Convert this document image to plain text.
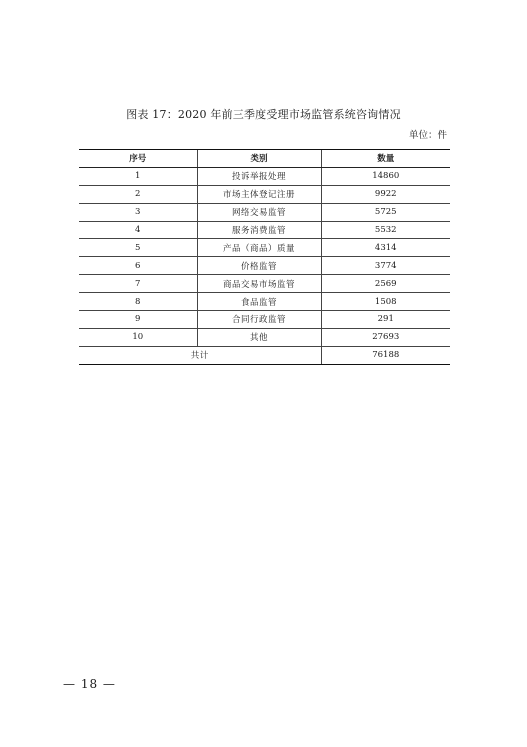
图表 17：2020 年前三季度受理市场监管系统咨询情况
单位：件
序号	类别	数量
1	投诉举报处理	14860
2	市场主体登记注册	9922
3	网络交易监管	5725
4	服务消费监管	5532
5	产品（商品）质量	4314
6	价格监管	3774
7	商品交易市场监管	2569
8	食品监管	1508
9	合同行政监管	291
10	其他	27693
共计		76188
— 18 —
